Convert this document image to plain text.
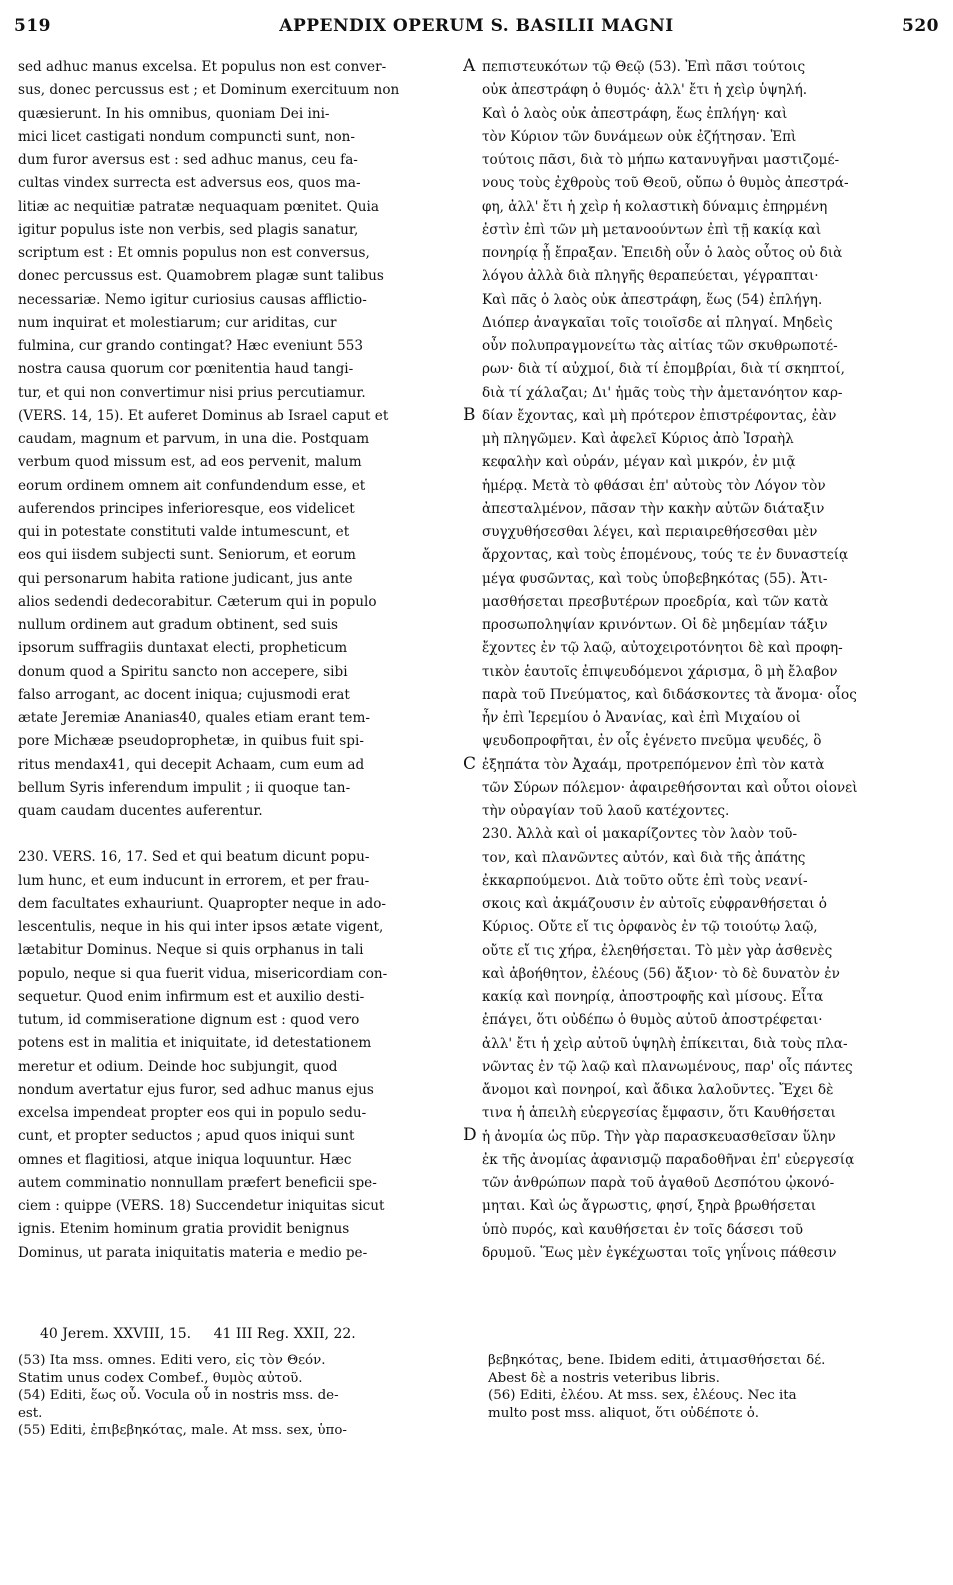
519	APPENDIX OPERUM S. BASILII MAGNI	520
sed adhuc manus excelsa. Et populus non est conver-
sus, donec percussus est ; et Dominum exercituum non
quæsierunt. In his omnibus, quoniam Dei ini-
mici licet castigati nondum compuncti sunt, non-
dum furor aversus est : sed adhuc manus, ceu fa-
cultas vindex surrecta est adversus eos, quos ma-
litiæ ac nequitiæ patratæ nequaquam pœnitet. Quia
igitur populus iste non verbis, sed plagis sanatur,
scriptum est : Et omnis populus non est conversus,
donec percussus est. Quamobrem plagæ sunt talibus
necessariæ. Nemo igitur curiosius causas afflictio-
num inquirat et molestiarum; cur ariditas, cur
fulmina, cur grando contingat? Hæc eveniunt 553
nostra causa quorum cor pœnitentia haud tangi-
tur, et qui non convertimur nisi prius percutiamur.
(VERS. 14, 15). Et auferet Dominus ab Israel caput et
caudam, magnum et parvum, in una die. Postquam
verbum quod missum est, ad eos pervenit, malum
eorum ordinem omnem ait confundendum esse, et
auferendos principes inferioresque, eos videlicet
qui in potestate constituti valde intumescunt, et
eos qui iisdem subjecti sunt. Seniorum, et eorum
qui personarum habita ratione judicant, jus ante
alios sedendi dedecorabitur. Cæterum qui in populo
nullum ordinem aut gradum obtinent, sed suis
ipsorum suffragiis duntaxat electi, propheticum
donum quod a Spiritu sancto non accepere, sibi
falso arrogant, ac docent iniqua; cujusmodi erat
ætate Jeremiæ Ananias40, quales etiam erant tem-
pore Michææ pseudoprophetæ, in quibus fuit spi-
ritus mendax41, qui decepit Achaam, cum eum ad
bellum Syris inferendum impulit ; ii quoque tan-
quam caudam ducentes auferentur.
230. VERS. 16, 17. Sed et qui beatum dicunt popu-
lum hunc, et eum inducunt in errorem, et per frau-
dem facultates exhauriunt. Quapropter neque in ado-
lescentulis, neque in his qui inter ipsos ætate vigent,
lætabitur Dominus. Neque si quis orphanus in tali
populo, neque si qua fuerit vidua, misericordiam con-
sequetur. Quod enim infirmum est et auxilio desti-
tutum, id commiseratione dignum est : quod vero
potens est in malitia et iniquitate, id detestationem
meretur et odium. Deinde hoc subjungit, quod
nondum avertatur ejus furor, sed adhuc manus ejus
excelsa impendeat propter eos qui in populo sedu-
cunt, et propter seductos ; apud quos iniqui sunt
omnes et flagitiosi, atque iniqua loquuntur. Hæc
autem comminatio nonnullam præfert beneficii spe-
ciem : quippe (VERS. 18) Succendetur iniquitas sicut
ignis. Etenim hominum gratia providit benignus
Dominus, ut parata iniquitatis materia e medio pe-
πεπιστευκότων τῷ Θεῷ (53). Ἐπὶ πᾶσι τούτοις
οὐκ ἀπεστράφη ὁ θυμός· ἀλλ' ἔτι ἡ χεὶρ ὑψηλή.
Καὶ ὁ λαὸς οὐκ ἀπεστράφη, ἕως ἐπλήγη· καὶ
τὸν Κύριον τῶν δυνάμεων οὐκ ἐζήτησαν. Ἐπὶ
τούτοις πᾶσι, διὰ τὸ μήπω κατανυγῆναι μαστιζομέ-
νους τοὺς ἐχθροὺς τοῦ Θεοῦ, οὔπω ὁ θυμὸς ἀπεστρά-
φη, ἀλλ' ἔτι ἡ χεὶρ ἡ κολαστικὴ δύναμις ἐπηρμένη
ἐστὶν ἐπὶ τῶν μὴ μετανοούντων ἐπὶ τῇ κακίᾳ καὶ
πονηρίᾳ ᾗ ἔπραξαν. Ἐπειδὴ οὖν ὁ λαὸς οὗτος οὐ διὰ
λόγου ἀλλὰ διὰ πληγῆς θεραπεύεται, γέγραπται·
Καὶ πᾶς ὁ λαὸς οὐκ ἀπεστράφη, ἕως (54) ἐπλήγη.
Διόπερ ἀναγκαῖαι τοῖς τοιοῖσδε αἱ πληγαί. Μηδεὶς
οὖν πολυπραγμονείτω τὰς αἰτίας τῶν σκυθρωποτέ-
ρων· διὰ τί αὐχμοί, διὰ τί ἐπομβρίαι, διὰ τί σκηπτοί,
διὰ τί χάλαζαι; Δι' ἡμᾶς τοὺς τὴν ἀμετανόητον καρ-
δίαν ἔχοντας, καὶ μὴ πρότερον ἐπιστρέφοντας, ἐὰν
μὴ πληγῶμεν. Καὶ ἀφελεῖ Κύριος ἀπὸ Ἰσραὴλ
κεφαλὴν καὶ οὐράν, μέγαν καὶ μικρόν, ἐν μιᾷ
ἡμέρᾳ. Μετὰ τὸ φθάσαι ἐπ' αὐτοὺς τὸν Λόγον τὸν
ἀπεσταλμένον, πᾶσαν τὴν κακὴν αὐτῶν διάταξιν
συγχυθήσεσθαι λέγει, καὶ περιαιρεθήσεσθαι μὲν
ἄρχοντας, καὶ τοὺς ἑπομένους, τούς τε ἐν δυναστείᾳ
μέγα φυσῶντας, καὶ τοὺς ὑποβεβηκότας (55). Ἀτι-
μασθήσεται πρεσβυτέρων προεδρία, καὶ τῶν κατὰ
προσωποληψίαν κρινόντων. Οἱ δὲ μηδεμίαν τάξιν
ἔχοντες ἐν τῷ λαῷ, αὐτοχειροτόνητοι δὲ καὶ προφη-
τικὸν ἑαυτοῖς ἐπιψευδόμενοι χάρισμα, ὃ μὴ ἔλαβον
παρὰ τοῦ Πνεύματος, καὶ διδάσκοντες τὰ ἄνομα· οἷος
ἦν ἐπὶ Ἱερεμίου ὁ Ἀνανίας, καὶ ἐπὶ Μιχαίου οἱ
ψευδοπροφῆται, ἐν οἷς ἐγένετο πνεῦμα ψευδές, ὃ
ἐξηπάτα τὸν Ἀχαάμ, προτρεπόμενον ἐπὶ τὸν κατὰ
τῶν Σύρων πόλεμον· ἀφαιρεθήσονται καὶ οὗτοι οἱονεὶ
τὴν οὐραγίαν τοῦ λαοῦ κατέχοντες.
230. Ἀλλὰ καὶ οἱ μακαρίζοντες τὸν λαὸν τοῦ-
τον, καὶ πλανῶντες αὐτόν, καὶ διὰ τῆς ἀπάτης
ἐκκαρπούμενοι. Διὰ τοῦτο οὔτε ἐπὶ τοὺς νεανί-
σκοις καὶ ἀκμάζουσιν ἐν αὐτοῖς εὐφρανθήσεται ὁ
Κύριος. Οὔτε εἴ τις ὀρφανὸς ἐν τῷ τοιούτῳ λαῷ,
οὔτε εἴ τις χήρα, ἐλεηθήσεται. Τὸ μὲν γὰρ ἀσθενὲς
καὶ ἀβοήθητον, ἐλέους (56) ἄξιον· τὸ δὲ δυνατὸν ἐν
κακίᾳ καὶ πονηρίᾳ, ἀποστροφῆς καὶ μίσους. Εἶτα
ἐπάγει, ὅτι οὐδέπω ὁ θυμὸς αὐτοῦ ἀποστρέφεται·
ἀλλ' ἔτι ἡ χεὶρ αὐτοῦ ὑψηλὴ ἐπίκειται, διὰ τοὺς πλα-
νῶντας ἐν τῷ λαῷ καὶ πλανωμένους, παρ' οἷς πάντες
ἄνομοι καὶ πονηροί, καὶ ἄδικα λαλοῦντες. Ἔχει δὲ
τινα ἡ ἀπειλὴ εὐεργεσίας ἔμφασιν, ὅτι Καυθήσεται
ἡ ἀνομία ὡς πῦρ. Τὴν γὰρ παρασκευασθεῖσαν ὕλην
ἐκ τῆς ἀνομίας ἀφανισμῷ παραδοθῆναι ἐπ' εὐεργεσίᾳ
τῶν ἀνθρώπων παρὰ τοῦ ἀγαθοῦ Δεσπότου ᾠκονό-
μηται. Καὶ ὡς ἄγρωστις, φησί, ξηρὰ βρωθήσεται
ὑπὸ πυρός, καὶ καυθήσεται ἐν τοῖς δάσεσι τοῦ
δρυμοῦ. Ἕως μὲν ἐγκέχωσται τοῖς γηΐνοις πάθεσιν
A
B
C
D
40 Jerem. XXVIII, 15. 41 III Reg. XXII, 22.
(53) Ita mss. omnes. Editi vero, εἰς τὸν Θεόν.
Statim unus codex Combef., θυμὸς αὐτοῦ.
(54) Editi, ἕως οὗ. Vocula οὗ in nostris mss. de-
est.
(55) Editi, ἐπιβεβηκότας, male. At mss. sex, ὑπο-
βεβηκότας, bene. Ibidem editi, ἀτιμασθήσεται δέ.
Abest δὲ a nostris veteribus libris.
(56) Editi, ἐλέου. At mss. sex, ἐλέους. Nec ita
multo post mss. aliquot, ὅτι οὐδέποτε ὁ.
